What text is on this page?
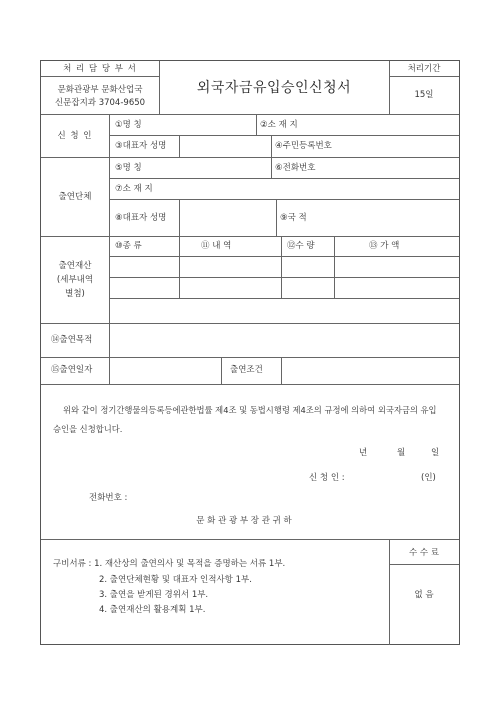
처 리 담 당 부 서
문화관광부 문화산업국
신문잡지과 3704-9650
외국자금유입승인신청서
처리기간
15일
신 청 인
①명 칭	②소 재 지
③대표자 성명	④주민등록번호
출연단체
⑤명 칭	⑥전화번호
⑦소 재 지
⑧대표자 성명	⑨국 적
출연재산
(세부내역
별첨)
⑩종 류	⑪ 내 역	⑫수 량	⑬ 가 액
⑭출연목적
⑮출연일자	출연조건
위와 같이 정기간행물의등록등에관한법률 제4조 및 동법시행령 제4조의 규정에 의하여 외국자금의 유입승인을 신청합니다.
년	월	일
신 청 인 :	(인)
전화번호 :
문 화 관 광 부 장 관 귀 하
구비서류 : 1. 재산상의 출연의사 및 목적을 증명하는 서류 1부.
2. 출연단체현황 및 대표자 인적사항 1부.
3. 출연을 받게된 경위서 1부.
4. 출연재산의 활용계획 1부.
수 수 료
없 음
